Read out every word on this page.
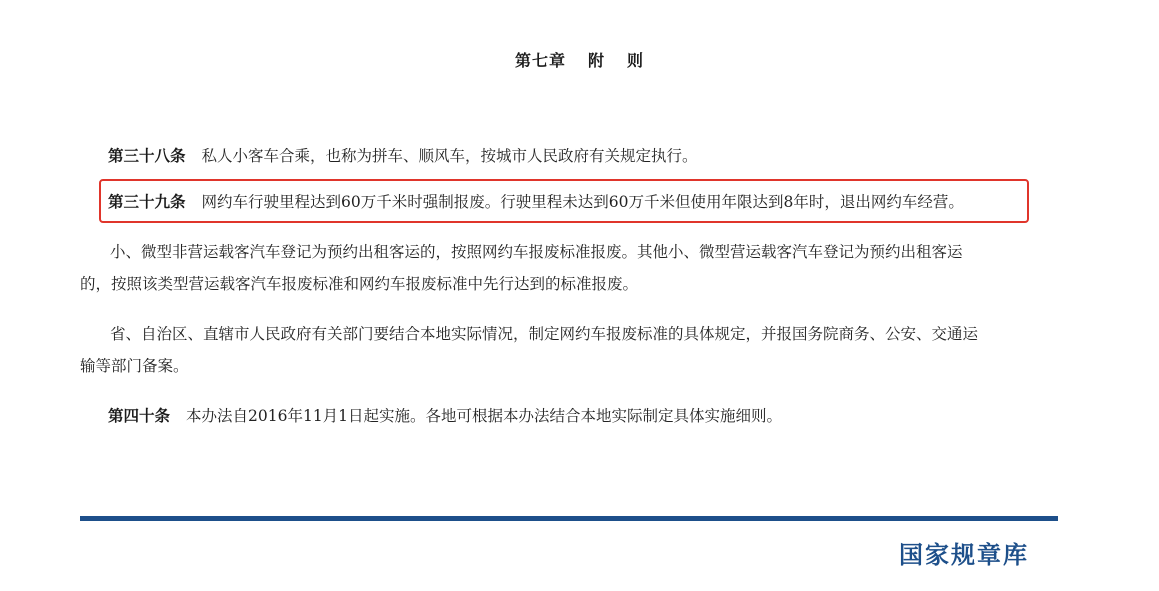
第七章 附 则
第三十八条 私人小客车合乘，也称为拼车、顺风车，按城市人民政府有关规定执行。
第三十九条 网约车行驶里程达到60万千米时强制报废。行驶里程未达到60万千米但使用年限达到8年时，退出网约车经营。
小、微型非营运载客汽车登记为预约出租客运的，按照网约车报废标准报废。其他小、微型营运载客汽车登记为预约出租客运
的，按照该类型营运载客汽车报废标准和网约车报废标准中先行达到的标准报废。
省、自治区、直辖市人民政府有关部门要结合本地实际情况，制定网约车报废标准的具体规定，并报国务院商务、公安、交通运
输等部门备案。
第四十条 本办法自2016年11月1日起实施。各地可根据本办法结合本地实际制定具体实施细则。
国家规章库
